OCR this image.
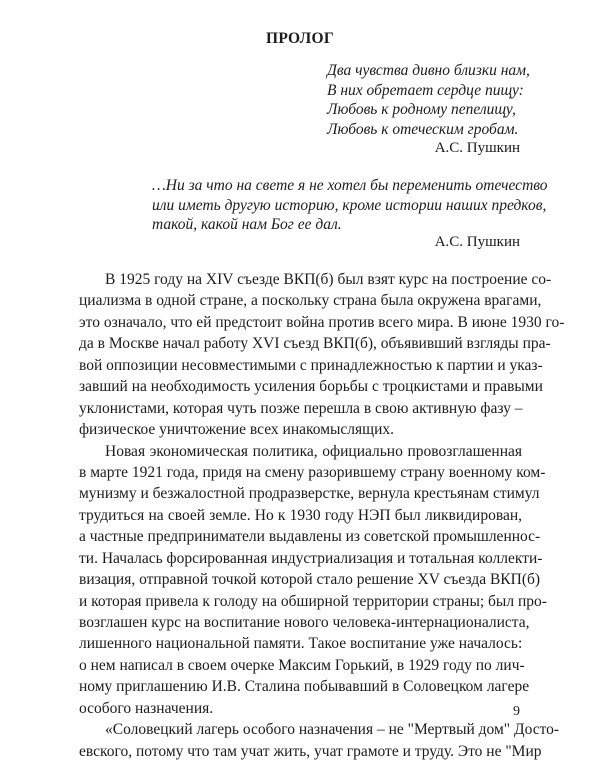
ПРОЛОГ
Два чувства дивно близки нам,
В них обретает сердце пищу:
Любовь к родному пепелищу,
Любовь к отеческим гробам.
А.С. Пушкин
…Ни за что на свете я не хотел бы переменить отечество
или иметь другую историю, кроме истории наших предков,
такой, какой нам Бог ее дал.
А.С. Пушкин
В 1925 году на XIV съезде ВКП(б) был взят курс на построение со-
циализма в одной стране, а поскольку страна была окружена врагами,
это означало, что ей предстоит война против всего мира. В июне 1930 го-
да в Москве начал работу XVI съезд ВКП(б), объявивший взгляды пра-
вой оппозиции несовместимыми с принадлежностью к партии и указ-
завший на необходимость усиления борьбы с троцкистами и правыми
уклонистами, которая чуть позже перешла в свою активную фазу –
физическое уничтожение всех инакомыслящих.
Новая экономическая политика, официально провозглашенная
в марте 1921 года, придя на смену разорившему страну военному ком-
мунизму и безжалостной продразверстке, вернула крестьянам стимул
трудиться на своей земле. Но к 1930 году НЭП был ликвидирован,
а частные предприниматели выдавлены из советской промышленнос-
ти. Началась форсированная индустриализация и тотальная коллекти-
визация, отправной точкой которой стало решение XV съезда ВКП(б)
и которая привела к голоду на обширной территории страны; был про-
возглашен курс на воспитание нового человека-интернационалиста,
лишенного национальной памяти. Такое воспитание уже началось:
о нем написал в своем очерке Максим Горький, в 1929 году по лич-
ному приглашению И.В. Сталина побывавший в Соловецком лагере
особого назначения.
«Соловецкий лагерь особого назначения – не "Мертвый дом" Досто-
евского, потому что там учат жить, учат грамоте и труду. Это не "Мир
9
